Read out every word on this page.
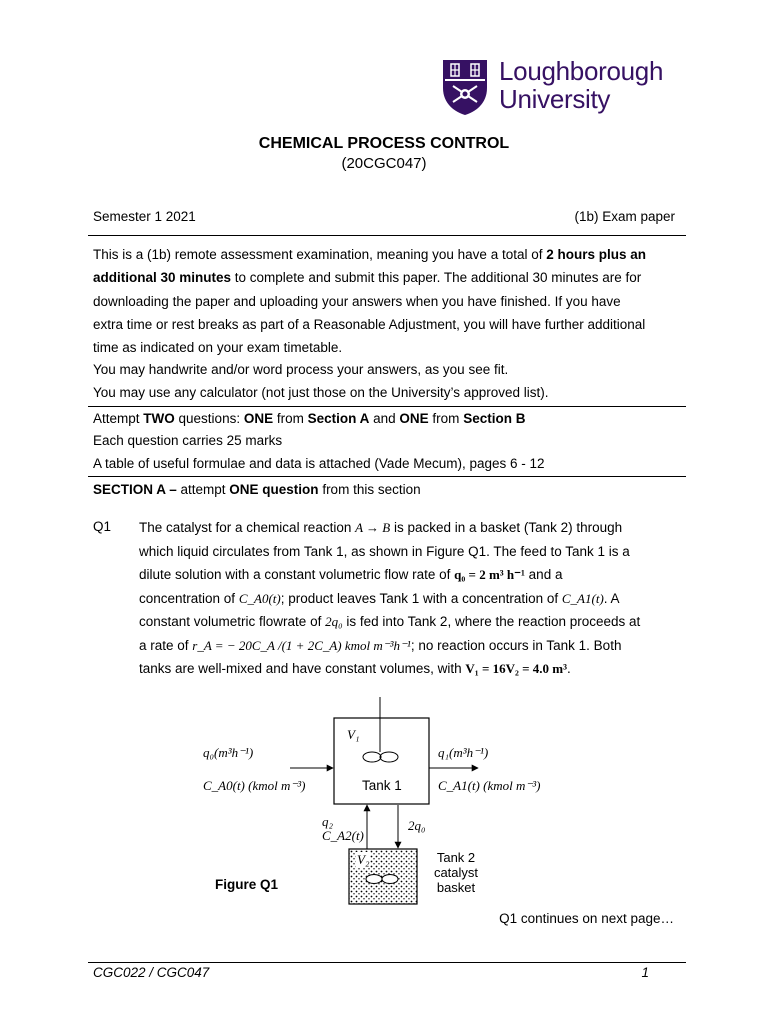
Loughborough
University
CHEMICAL PROCESS CONTROL
(20CGC047)
Semester 1 2021	(1b) Exam paper
This is a (1b) remote assessment examination, meaning you have a total of 2 hours plus an
additional 30 minutes to complete and submit this paper. The additional 30 minutes are for
downloading the paper and uploading your answers when you have finished. If you have
extra time or rest breaks as part of a Reasonable Adjustment, you will have further additional
time as indicated on your exam timetable.
You may handwrite and/or word process your answers, as you see fit.
You may use any calculator (not just those on the University’s approved list).
Attempt TWO questions: ONE from Section A and ONE from Section B
Each question carries 25 marks
A table of useful formulae and data is attached (Vade Mecum), pages 6 - 12
SECTION A – attempt ONE question from this section
Q1 The catalyst for a chemical reaction A → B is packed in a basket (Tank 2) through
which liquid circulates from Tank 1, as shown in Figure Q1. The feed to Tank 1 is a
dilute solution with a constant volumetric flow rate of q₀ = 2 m³ h⁻¹ and a
concentration of C_A0(t); product leaves Tank 1 with a concentration of C_A1(t). A
constant volumetric flowrate of 2q₀ is fed into Tank 2, where the reaction proceeds at
a rate of r_A = − 20C_A /(1 + 2C_A) kmol m⁻³h⁻¹; no reaction occurs in Tank 1. Both
tanks are well-mixed and have constant volumes, with V₁ = 16V₂ = 4.0 m³.
q₀(m³h⁻¹)
C_A0(t) (kmol m⁻³)
q₁(m³h⁻¹)
C_A1(t) (kmol m⁻³)
V₁
Tank 1
q₂
C_A2(t)
2q₀
V₂	Tank 2
catalyst
basket
Figure Q1
Q1 continues on next page…
CGC022 / CGC047	1
